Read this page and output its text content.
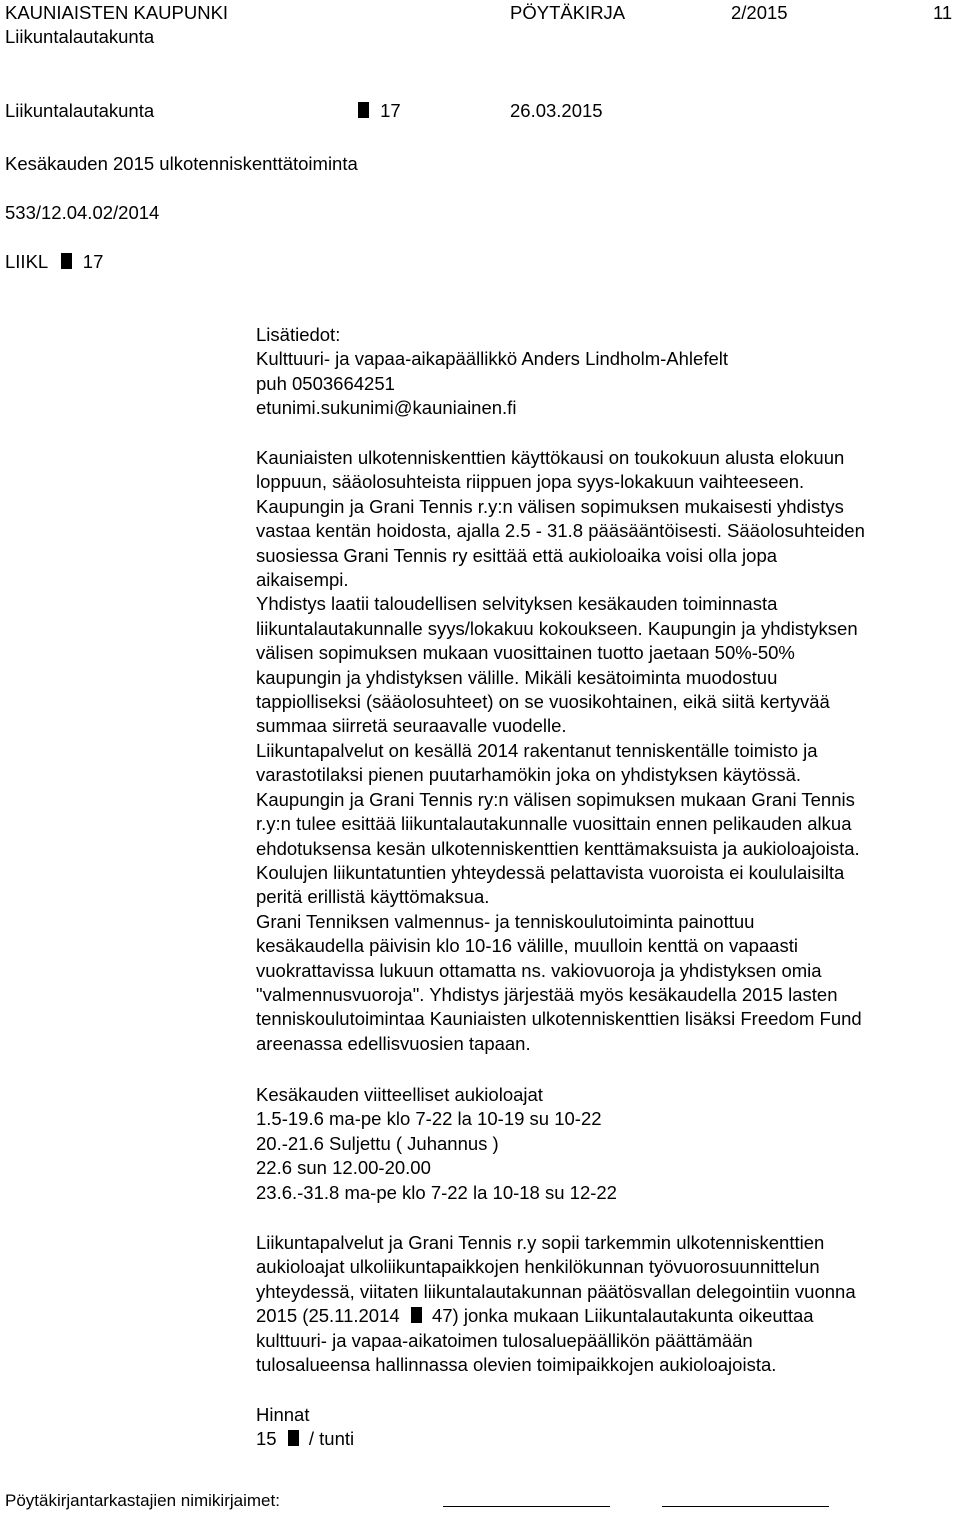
KAUNIAISTEN KAUPUNKI	PÖYTÄKIRJA	2/2015	11
Liikuntalautakunta
Liikuntalautakunta	17	26.03.2015
Kesäkauden 2015 ulkotenniskenttätoiminta
533/12.04.02/2014
LIIKL 17
Lisätiedot:
Kulttuuri- ja vapaa-aikapäällikkö Anders Lindholm-Ahlefelt
puh 0503664251
etunimi.sukunimi@kauniainen.fi
Kauniaisten ulkotenniskenttien käyttökausi on toukokuun alusta elokuun
loppuun, sääolosuhteista riippuen jopa syys-lokakuun vaihteeseen.
Kaupungin ja Grani Tennis r.y:n välisen sopimuksen mukaisesti yhdistys
vastaa kentän hoidosta, ajalla 2.5 - 31.8 pääsääntöisesti. Sääolosuhteiden
suosiessa Grani Tennis ry esittää että aukioloaika voisi olla jopa
aikaisempi.
Yhdistys laatii taloudellisen selvityksen kesäkauden toiminnasta
liikuntalautakunnalle syys/lokakuu kokoukseen. Kaupungin ja yhdistyksen
välisen sopimuksen mukaan vuosittainen tuotto jaetaan 50%-50%
kaupungin ja yhdistyksen välille. Mikäli kesätoiminta muodostuu
tappiolliseksi (sääolosuhteet) on se vuosikohtainen, eikä siitä kertyvää
summaa siirretä seuraavalle vuodelle.
Liikuntapalvelut on kesällä 2014 rakentanut tenniskentälle toimisto ja
varastotilaksi pienen puutarhamökin joka on yhdistyksen käytössä.
Kaupungin ja Grani Tennis ry:n välisen sopimuksen mukaan Grani Tennis
r.y:n tulee esittää liikuntalautakunnalle vuosittain ennen pelikauden alkua
ehdotuksensa kesän ulkotenniskenttien kenttämaksuista ja aukioloajoista.
Koulujen liikuntatuntien yhteydessä pelattavista vuoroista ei koululaisilta
peritä erillistä käyttömaksua.
Grani Tenniksen valmennus- ja tenniskoulutoiminta painottuu
kesäkaudella päivisin klo 10-16 välille, muulloin kenttä on vapaasti
vuokrattavissa lukuun ottamatta ns. vakiovuoroja ja yhdistyksen omia
"valmennusvuoroja". Yhdistys järjestää myös kesäkaudella 2015 lasten
tenniskoulutoimintaa Kauniaisten ulkotenniskenttien lisäksi Freedom Fund
areenassa edellisvuosien tapaan.
Kesäkauden viitteelliset aukioloajat
1.5-19.6 ma-pe klo 7-22 la 10-19 su 10-22
20.-21.6 Suljettu ( Juhannus )
22.6 sun 12.00-20.00
23.6.-31.8 ma-pe klo 7-22 la 10-18 su 12-22
Liikuntapalvelut ja Grani Tennis r.y sopii tarkemmin ulkotenniskenttien
aukioloajat ulkoliikuntapaikkojen henkilökunnan työvuorosuunnittelun
yhteydessä, viitaten liikuntalautakunnan päätösvallan delegointiin vuonna
2015 (25.11.2014 47) jonka mukaan Liikuntalautakunta oikeuttaa
kulttuuri- ja vapaa-aikatoimen tulosaluepäällikön päättämään
tulosalueensa hallinnassa olevien toimipaikkojen aukioloajoista.
Hinnat
15 / tunti
Pöytäkirjantarkastajien nimikirjaimet:
